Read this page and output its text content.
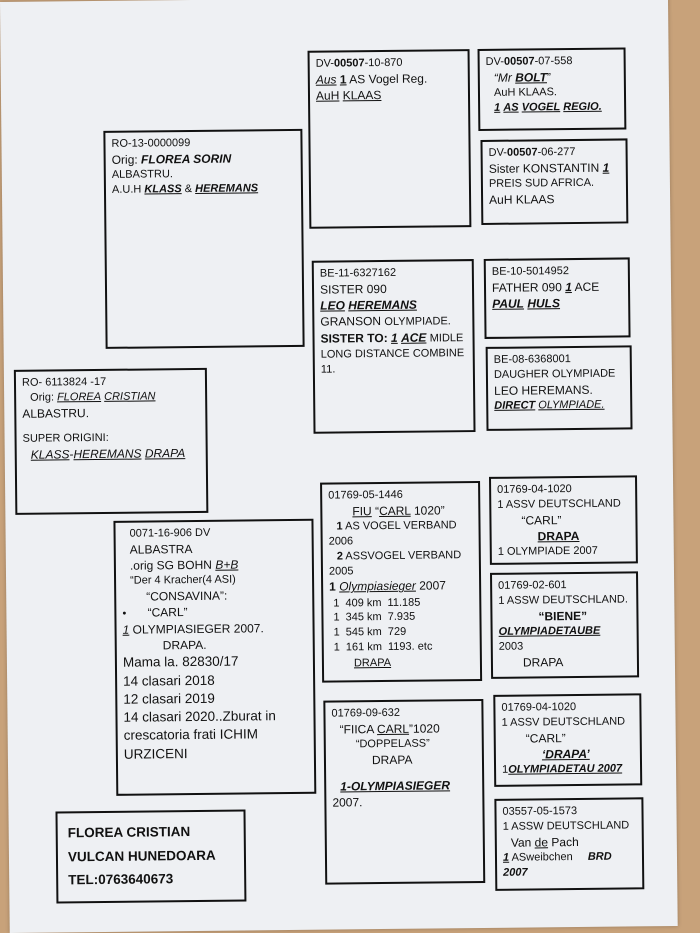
RO- 6113824 -17
Orig: FLOREA CRISTIAN
ALBASTRU.
SUPER ORIGINI:
KLASS-HEREMANS DRAPA
RO-13-0000099
Orig: FLOREA SORIN
ALBASTRU.
A.U.H KLASS & HEREMANS
0071-16-906 DV
ALBASTRA
.orig SG BOHN B+B
“Der 4 Kracher(4 ASI)
“CONSAVINA”:
• “CARL”
1 OLYMPIASIEGER 2007.
DRAPA.
Mama la. 82830/17
14 clasari 2018
12 clasari 2019
14 clasari 2020..Zburat in
crescatoria frati ICHIM
URZICENI
DV-00507-10-870
Aus 1 AS Vogel Reg.
AuH KLAAS
DV-00507-07-558
“Mr BOLT”
AuH KLAAS.
1 AS VOGEL REGIO.
DV-00507-06-277
Sister KONSTANTIN 1
PREIS SUD AFRICA.
AuH KLAAS
BE-11-6327162
SISTER 090
LEO HEREMANS
GRANSON OLYMPIADE.
SISTER TO: 1 ACE MIDLE
LONG DISTANCE COMBINE
11.
BE-10-5014952
FATHER 090 1 ACE
PAUL HULS
BE-08-6368001
DAUGHER OLYMPIADE
LEO HEREMANS.
DIRECT OLYMPIADE.
01769-05-1446
FIU “CARL 1020”
1 AS VOGEL VERBAND
2006
2 ASSVOGEL VERBAND
2005
1 Olympiasieger 2007
1	409 km	11.185
1	345 km	7.935
1	545 km	729
1	161 km	1193. etc
DRAPA
01769-04-1020
1 ASSV DEUTSCHLAND
“CARL”
DRAPA
1 OLYMPIADE 2007
01769-02-601
1 ASSW DEUTSCHLAND.
“BIENE”
OLYMPIADETAUBE
2003
DRAPA
01769-09-632
“FIICA CARL”1020
“DOPPELASS”
DRAPA
1-OLYMPIASIEGER
2007.
01769-04-1020
1 ASSV DEUTSCHLAND
“CARL”
‘DRAPA’
1OLYMPIADETAU 2007
03557-05-1573
1 ASSW DEUTSCHLAND
Van de Pach
1 ASweibchen BRD
2007
FLOREA CRISTIAN
VULCAN HUNEDOARA
TEL:0763640673
